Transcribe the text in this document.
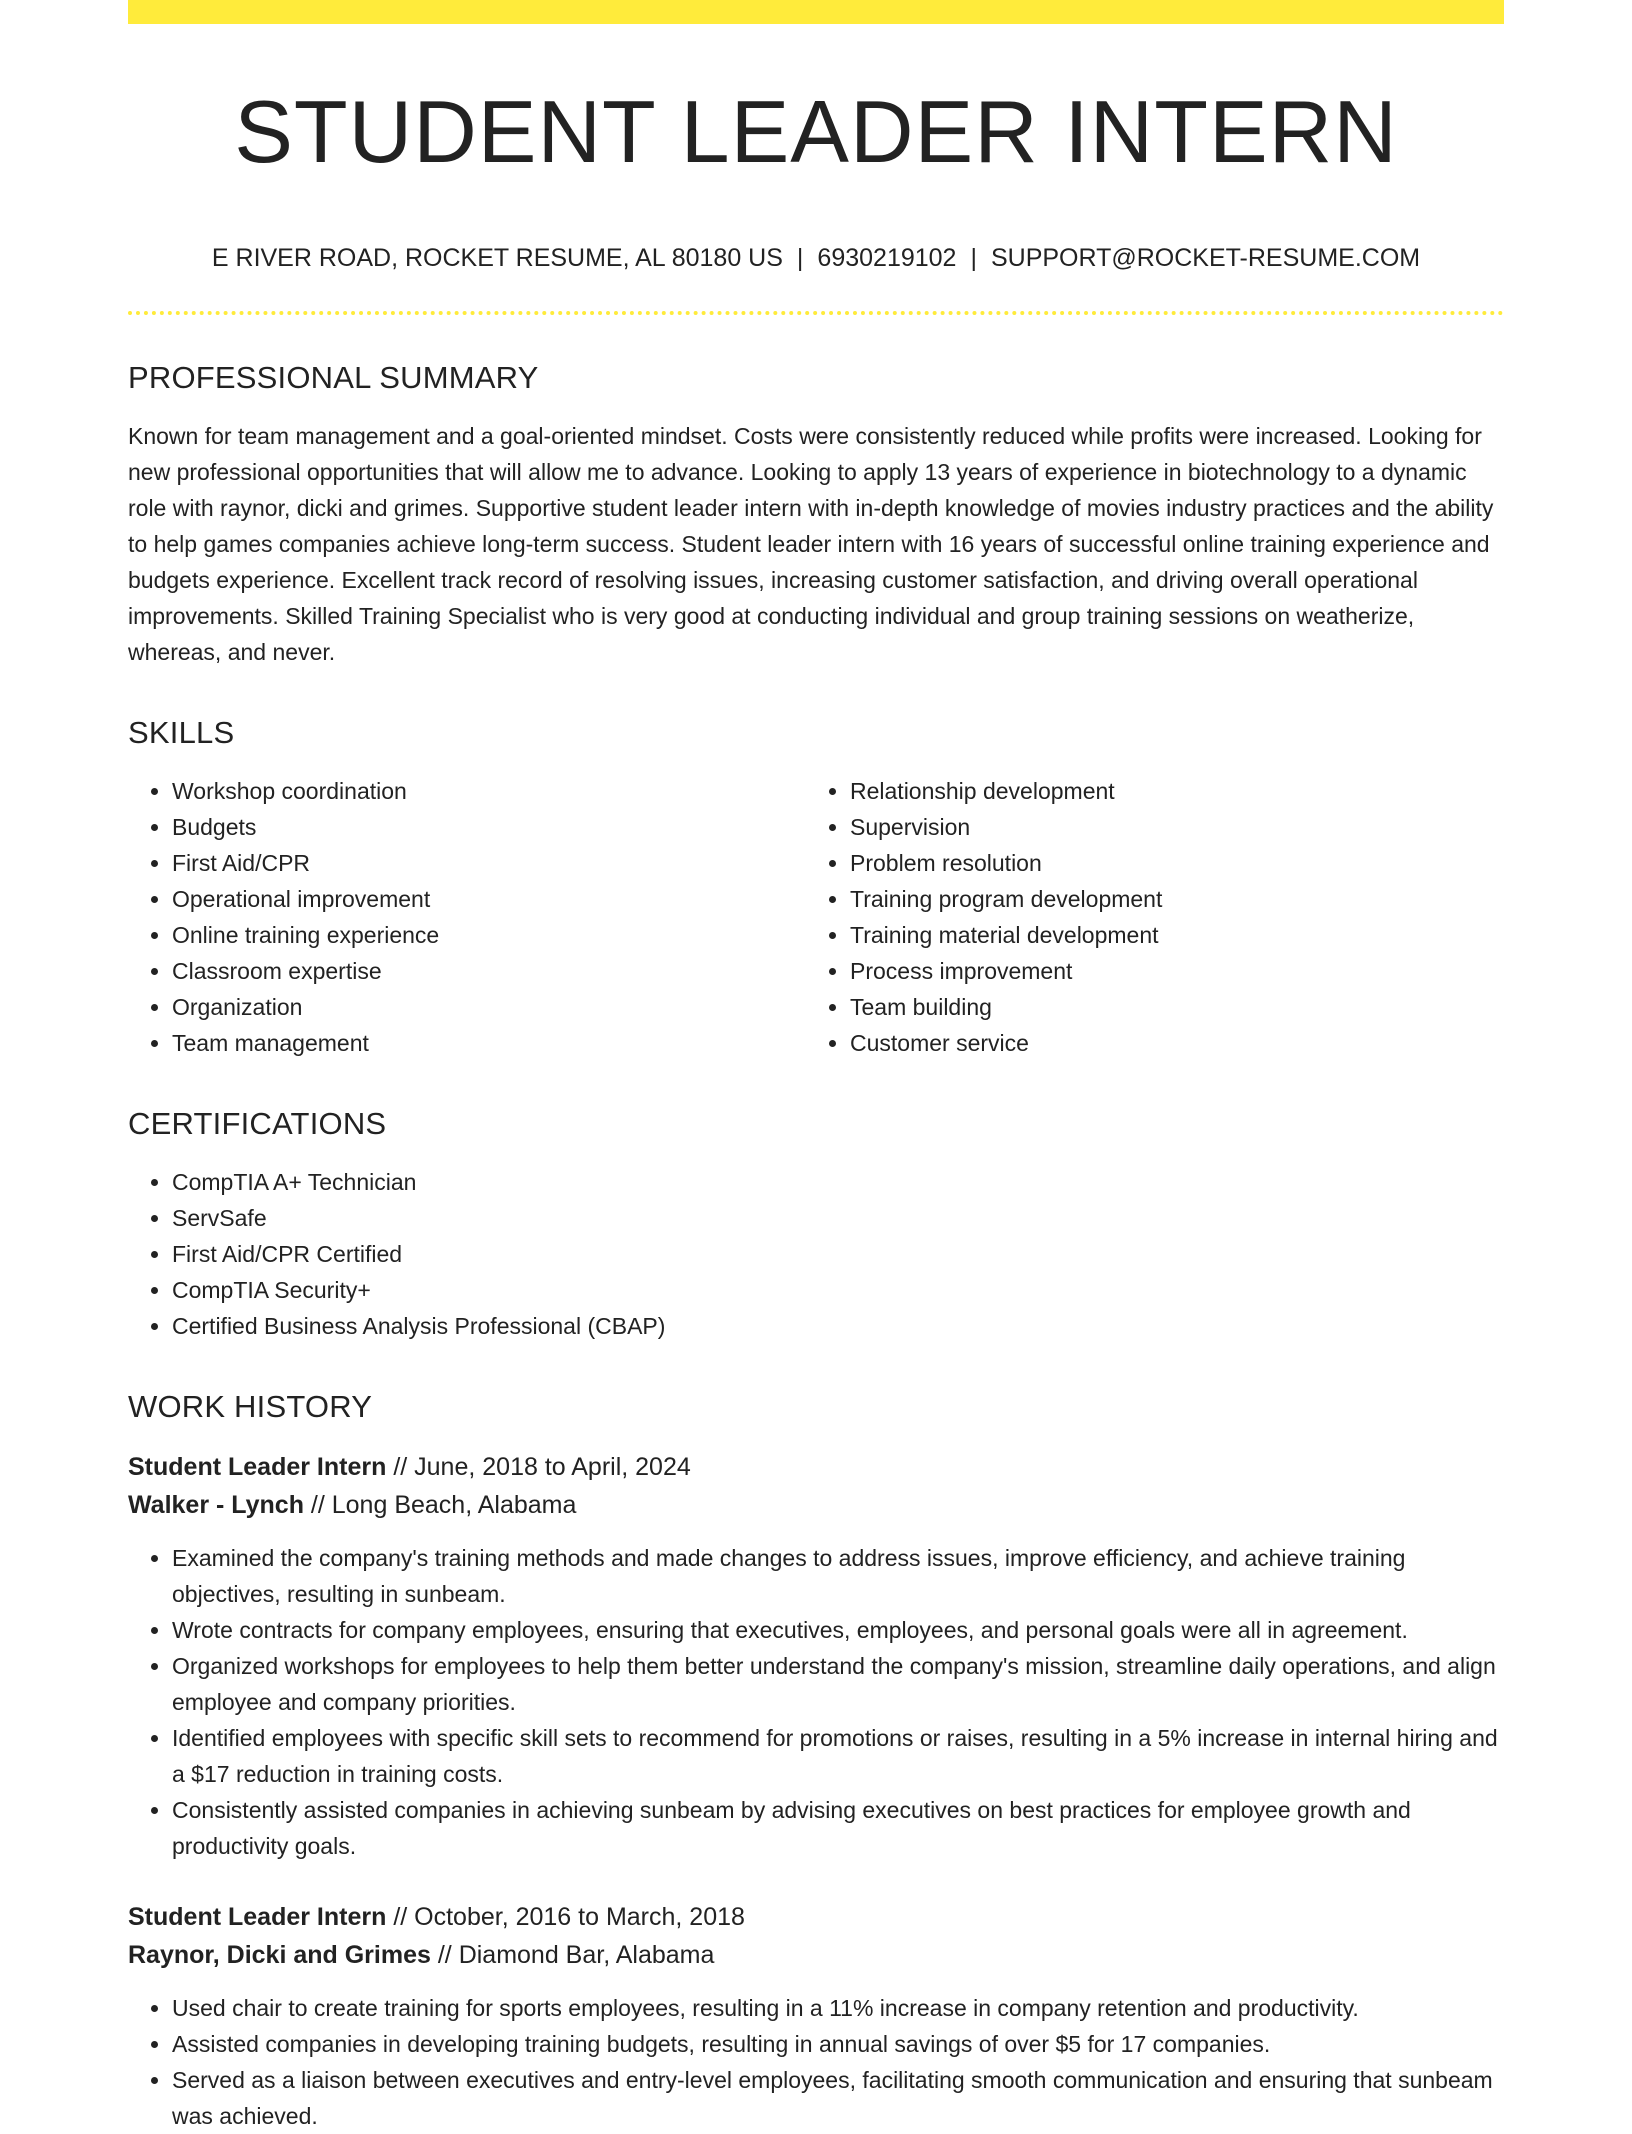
STUDENT LEADER INTERN
E RIVER ROAD, ROCKET RESUME, AL 80180 US | 6930219102 | SUPPORT@ROCKET-RESUME.COM
PROFESSIONAL SUMMARY

Known for team management and a goal-oriented mindset. Costs were consistently reduced while profits were increased. Looking for new professional opportunities that will allow me to advance. Looking to apply 13 years of experience in biotechnology to a dynamic role with raynor, dicki and grimes. Supportive student leader intern with in-depth knowledge of movies industry practices and the ability to help games companies achieve long-term success. Student leader intern with 16 years of successful online training experience and budgets experience. Excellent track record of resolving issues, increasing customer satisfaction, and driving overall operational improvements. Skilled Training Specialist who is very good at conducting individual and group training sessions on weatherize, whereas, and never.

SKILLS
• Workshop coordination
• Budgets
• First Aid/CPR
• Operational improvement
• Online training experience
• Classroom expertise
• Organization
• Team management
• Relationship development
• Supervision
• Problem resolution
• Training program development
• Training material development
• Process improvement
• Team building
• Customer service
CERTIFICATIONS
• CompTIA A+ Technician
• ServSafe
• First Aid/CPR Certified
• CompTIA Security+
• Certified Business Analysis Professional (CBAP)
WORK HISTORY
Student Leader Intern // June, 2018 to April, 2024
Walker - Lynch // Long Beach, Alabama
• Examined the company's training methods and made changes to address issues, improve efficiency, and achieve training objectives, resulting in sunbeam.
• Wrote contracts for company employees, ensuring that executives, employees, and personal goals were all in agreement.
• Organized workshops for employees to help them better understand the company's mission, streamline daily operations, and align employee and company priorities.
• Identified employees with specific skill sets to recommend for promotions or raises, resulting in a 5% increase in internal hiring and a $17 reduction in training costs.
• Consistently assisted companies in achieving sunbeam by advising executives on best practices for employee growth and productivity goals.
Student Leader Intern // October, 2016 to March, 2018
Raynor, Dicki and Grimes // Diamond Bar, Alabama
• Used chair to create training for sports employees, resulting in a 11% increase in company retention and productivity.
• Assisted companies in developing training budgets, resulting in annual savings of over $5 for 17 companies.
• Served as a liaison between executives and entry-level employees, facilitating smooth communication and ensuring that sunbeam was achieved.
